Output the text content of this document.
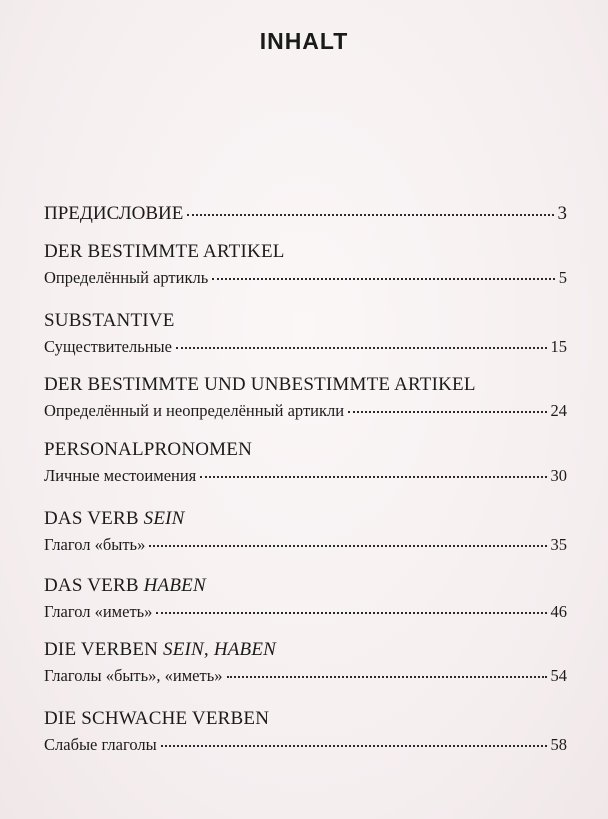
INHALT
ПРЕДИСЛОВИЕ	3
DER BESTIMMTE ARTIKEL
Определённый артикль	5
SUBSTANTIVE
Существительные	15
DER BESTIMMTE UND UNBESTIMMTE ARTIKEL
Определённый и неопределённый артикли	24
PERSONALPRONOMEN
Личные местоимения	30
DAS VERB SEIN
Глагол «быть»	35
DAS VERB HABEN
Глагол «иметь»	46
DIE VERBEN SEIN, HABEN
Глаголы «быть», «иметь»	54
DIE SCHWACHE VERBEN
Слабые глаголы	58
